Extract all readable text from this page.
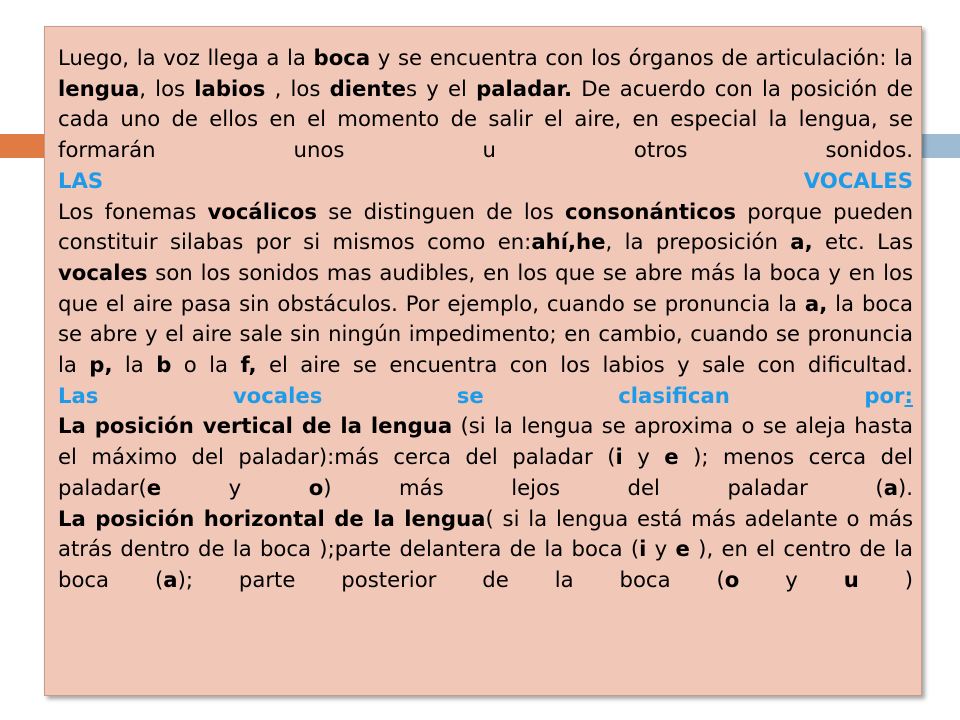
Luego, la voz llega a la boca y se encuentra con los órganos de articulación: la lengua, los labios , los dientes y el paladar. De acuerdo con la posición de cada uno de ellos en el momento de salir el aire, en especial la lengua, se formarán unos u otros sonidos.

LAS	VOCALES

Los fonemas vocálicos se distinguen de los consonánticos porque pueden constituir silabas por si mismos como en:ahí,he, la preposición a, etc. Las vocales son los sonidos mas audibles, en los que se abre más la boca y en los que el aire pasa sin obstáculos. Por ejemplo, cuando se pronuncia la a, la boca se abre y el aire sale sin ningún impedimento; en cambio, cuando se pronuncia la p, la b o la f, el aire se encuentra con los labios y sale con dificultad.

Las	vocales	se	clasifican	por:

La posición vertical de la lengua (si la lengua se aproxima o se aleja hasta el máximo del paladar):más cerca del paladar (i y e ); menos cerca del paladar(e y o) más lejos del paladar (a).

La posición horizontal de la lengua( si la lengua está más adelante o más atrás dentro de la boca );parte delantera de la boca (i y e ), en el centro de la boca (a); parte posterior de la boca (o y u )
